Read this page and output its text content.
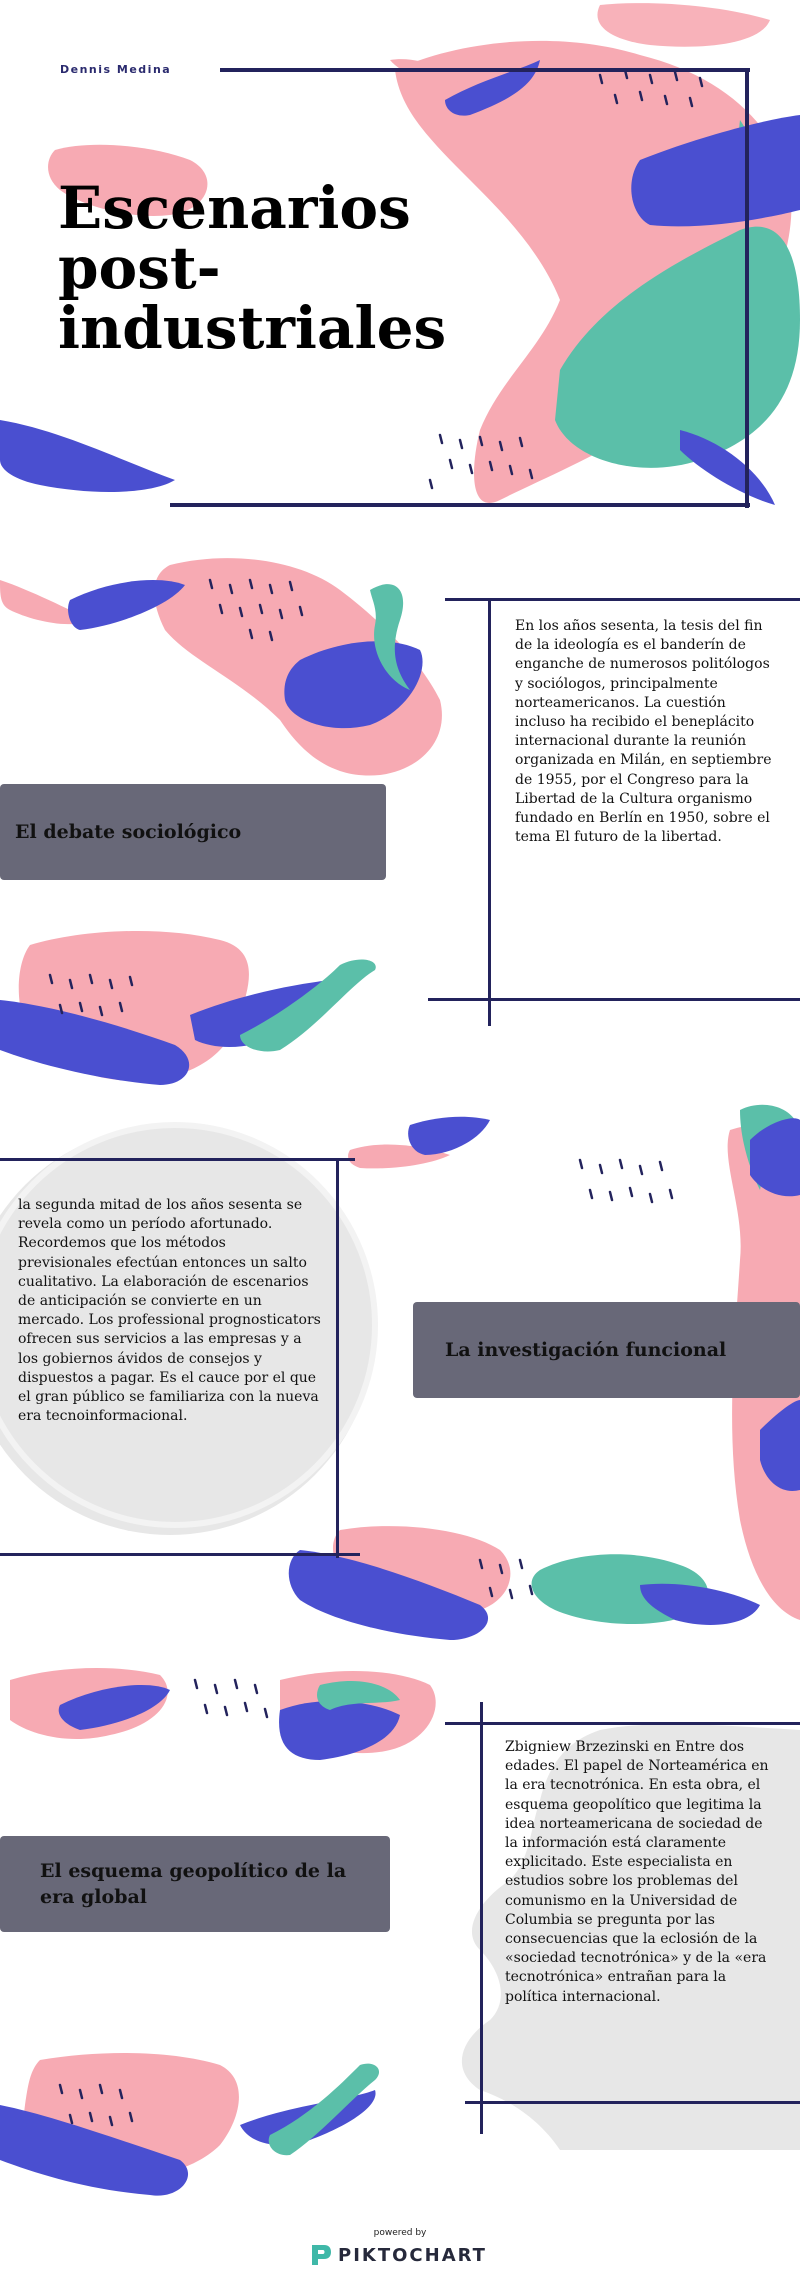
Dennis Medina
Escenarios post-industriales
El debate sociológico

En los años sesenta, la tesis del fin de la ideología es el banderín de enganche de numerosos politólogos y sociólogos, principalmente norteamericanos. La cuestión incluso ha recibido el beneplácito internacional durante la reunión organizada en Milán, en septiembre de 1955, por el Congreso para la Libertad de la Cultura organismo fundado en Berlín en 1950, sobre el tema El futuro de la libertad.

la segunda mitad de los años sesenta se revela como un período afortunado. Recordemos que los métodos previsionales efectúan entonces un salto cualitativo. La elaboración de escenarios de anticipación se convierte en un mercado. Los professional prognosticators ofrecen sus servicios a las empresas y a los gobiernos ávidos de consejos y dispuestos a pagar. Es el cauce por el que el gran público se familiariza con la nueva era tecnoinformacional.

La investigación funcional
El esquema geopolítico de la era global

Zbigniew Brzezinski en Entre dos edades. El papel de Norteamérica en la era tecnotrónica. En esta obra, el esquema geopolítico que legitima la idea norteamericana de sociedad de la información está claramente explicitado. Este especialista en estudios sobre los problemas del comunismo en la Universidad de Columbia se pregunta por las consecuencias que la eclosión de la «sociedad tecnotrónica» y de la «era tecnotrónica» entrañan para la política internacional.

powered by
PIKTOCHART
